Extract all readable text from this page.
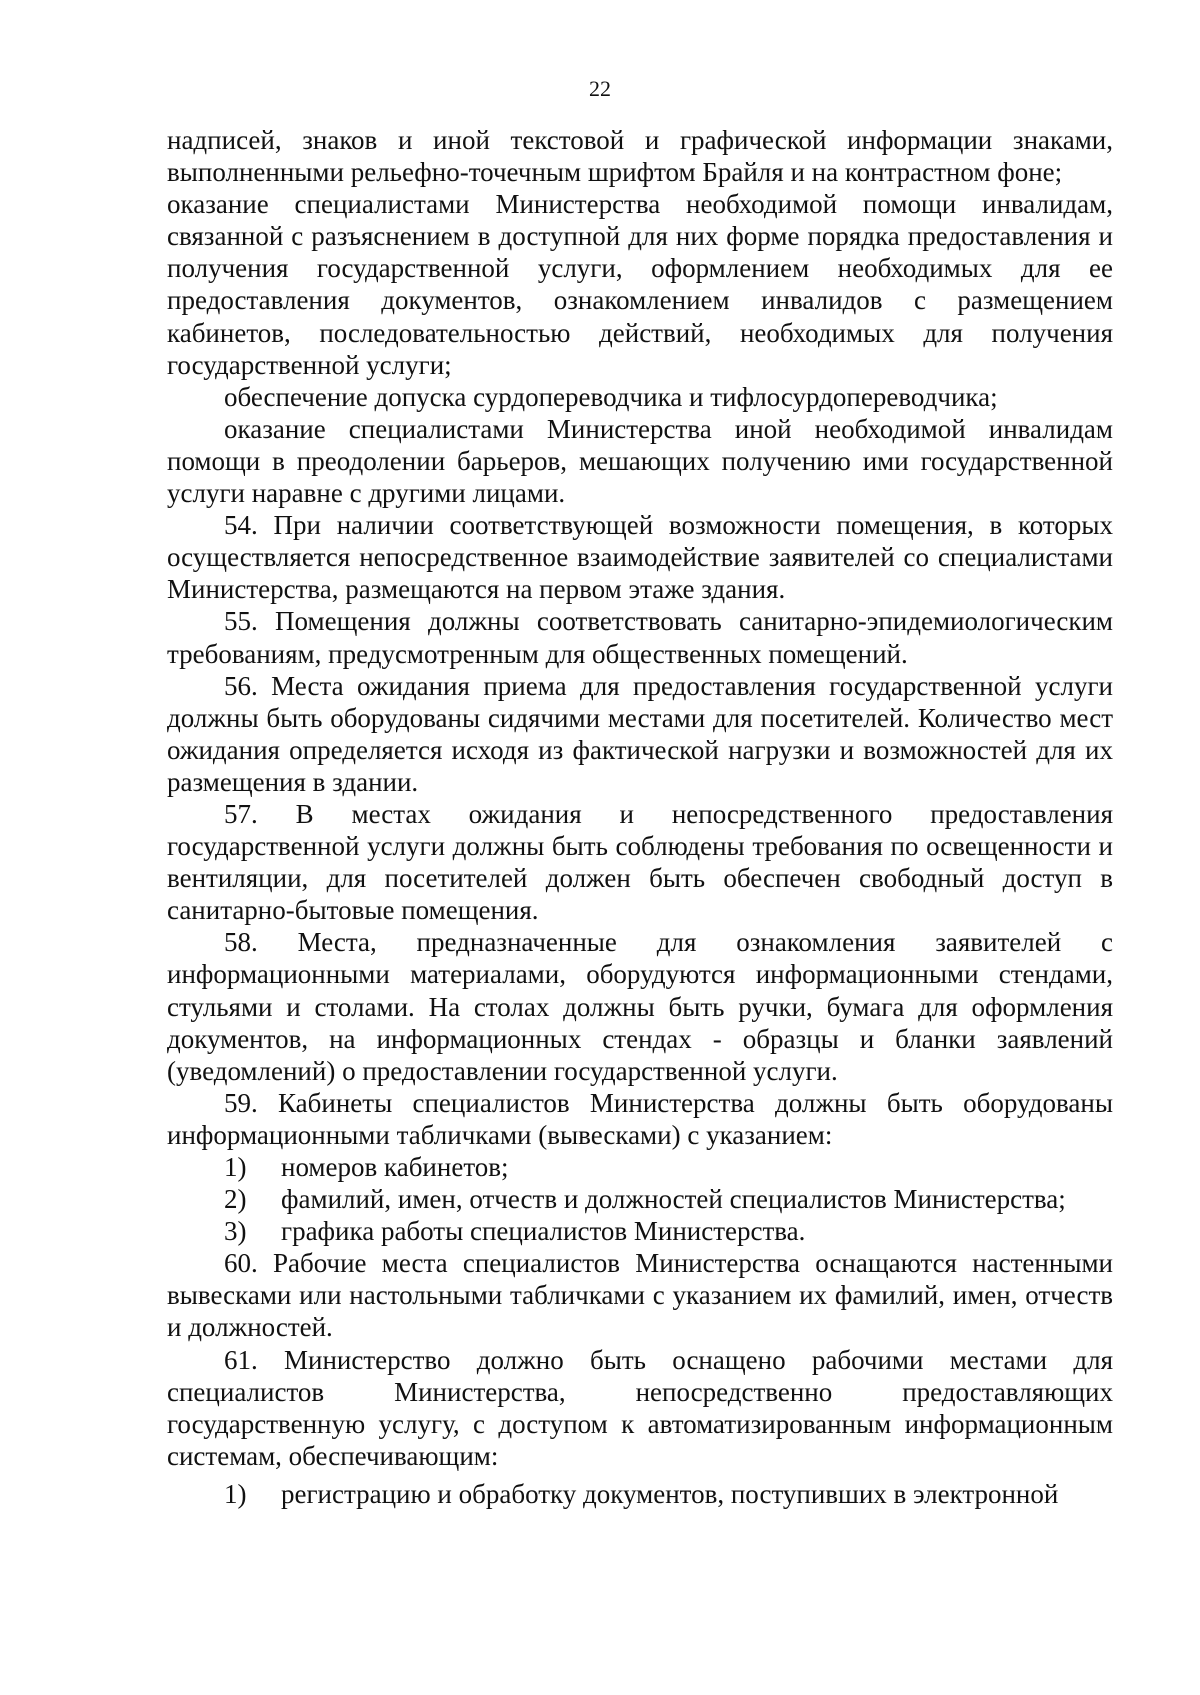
22

надписей, знаков и иной текстовой и графической информации знаками, выполненными рельефно-точечным шрифтом Брайля и на контрастном фоне;

оказание специалистами Министерства необходимой помощи инвалидам, связанной с разъяснением в доступной для них форме порядка предоставления и получения государственной услуги, оформлением необходимых для ее предоставления документов, ознакомлением инвалидов с размещением кабинетов, последовательностью действий, необходимых для получения государственной услуги;

обеспечение допуска сурдопереводчика и тифлосурдопереводчика;

оказание специалистами Министерства иной необходимой инвалидам помощи в преодолении барьеров, мешающих получению ими государственной услуги наравне с другими лицами.

54. При наличии соответствующей возможности помещения, в которых осуществляется непосредственное взаимодействие заявителей со специалистами Министерства, размещаются на первом этаже здания.

55. Помещения должны соответствовать санитарно-эпидемиологическим требованиям, предусмотренным для общественных помещений.

56. Места ожидания приема для предоставления государственной услуги должны быть оборудованы сидячими местами для посетителей. Количество мест ожидания определяется исходя из фактической нагрузки и возможностей для их размещения в здании.

57. В местах ожидания и непосредственного предоставления государственной услуги должны быть соблюдены требования по освещенности и вентиляции, для посетителей должен быть обеспечен свободный доступ в санитарно-бытовые помещения.

58. Места, предназначенные для ознакомления заявителей с информационными материалами, оборудуются информационными стендами, стульями и столами. На столах должны быть ручки, бумага для оформления документов, на информационных стендах - образцы и бланки заявлений (уведомлений) о предоставлении государственной услуги.

59. Кабинеты специалистов Министерства должны быть оборудованы информационными табличками (вывесками) с указанием:

1)	номеров кабинетов;
2)	фамилий, имен, отчеств и должностей специалистов Министерства;
3)	графика работы специалистов Министерства.

60. Рабочие места специалистов Министерства оснащаются настенными вывесками или настольными табличками с указанием их фамилий, имен, отчеств и должностей.

61. Министерство должно быть оснащено рабочими местами для специалистов Министерства, непосредственно предоставляющих государственную услугу, с доступом к автоматизированным информационным системам, обеспечивающим:

1)	регистрацию и обработку документов, поступивших в электронной
